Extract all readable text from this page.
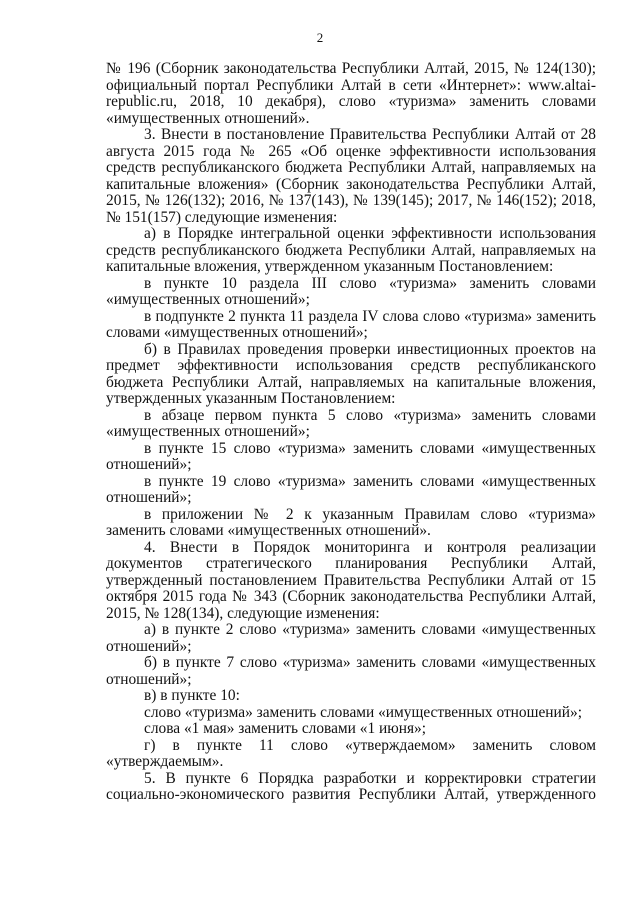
2

№ 196 (Сборник законодательства Республики Алтай, 2015, № 124(130); официальный портал Республики Алтай в сети «Интернет»: www.altai-republic.ru, 2018, 10 декабря), слово «туризма» заменить словами «имущественных отношений».

3. Внести в постановление Правительства Республики Алтай от 28 августа 2015 года № 265 «Об оценке эффективности использования средств республиканского бюджета Республики Алтай, направляемых на капитальные вложения» (Сборник законодательства Республики Алтай, 2015, № 126(132); 2016, № 137(143), № 139(145); 2017, № 146(152); 2018, № 151(157) следующие изменения:

а) в Порядке интегральной оценки эффективности использования средств республиканского бюджета Республики Алтай, направляемых на капитальные вложения, утвержденном указанным Постановлением:

в пункте 10 раздела III слово «туризма» заменить словами «имущественных отношений»;

в подпункте 2 пункта 11 раздела IV слова слово «туризма» заменить словами «имущественных отношений»;

б) в Правилах проведения проверки инвестиционных проектов на предмет эффективности использования средств республиканского бюджета Республики Алтай, направляемых на капитальные вложения, утвержденных указанным Постановлением:

в абзаце первом пункта 5 слово «туризма» заменить словами «имущественных отношений»;

в пункте 15 слово «туризма» заменить словами «имущественных отношений»;

в пункте 19 слово «туризма» заменить словами «имущественных отношений»;

в приложении № 2 к указанным Правилам слово «туризма» заменить словами «имущественных отношений».

4. Внести в Порядок мониторинга и контроля реализации документов стратегического планирования Республики Алтай, утвержденный постановлением Правительства Республики Алтай от 15 октября 2015 года № 343 (Сборник законодательства Республики Алтай, 2015, № 128(134), следующие изменения:

а) в пункте 2 слово «туризма» заменить словами «имущественных отношений»;

б) в пункте 7 слово «туризма» заменить словами «имущественных отношений»;

в) в пункте 10:

слово «туризма» заменить словами «имущественных отношений»;

слова «1 мая» заменить словами «1 июня»;

г) в пункте 11 слово «утверждаемом» заменить словом «утверждаемым».

5. В пункте 6 Порядка разработки и корректировки стратегии социально-экономического развития Республики Алтай, утвержденного
